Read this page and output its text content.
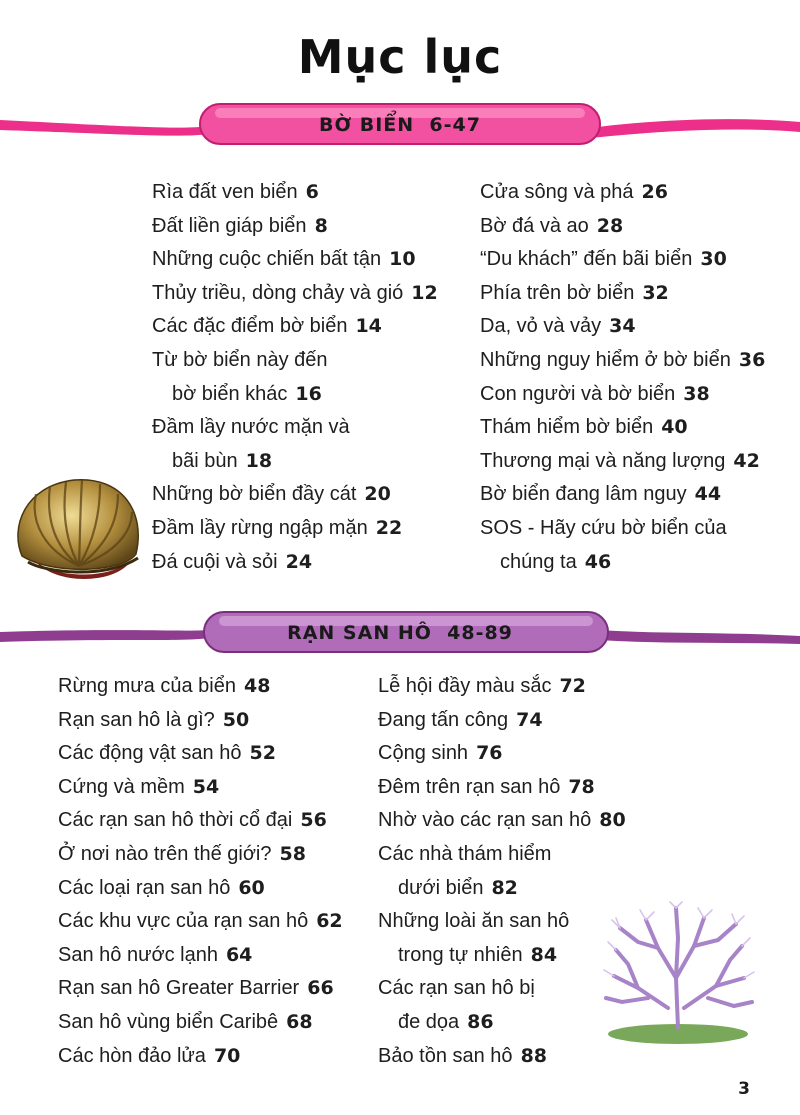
Mục lục
BỜ BIỂN 6-47
Rìa đất ven biển 6
Đất liền giáp biển 8
Những cuộc chiến bất tận 10
Thủy triều, dòng chảy và gió 12
Các đặc điểm bờ biển 14
Từ bờ biển này đến
bờ biển khác 16
Đầm lầy nước mặn và
bãi bùn 18
Những bờ biển đầy cát 20
Đầm lầy rừng ngập mặn 22
Đá cuội và sỏi 24
Cửa sông và phá 26
Bờ đá và ao 28
“Du khách” đến bãi biển 30
Phía trên bờ biển 32
Da, vỏ và vảy 34
Những nguy hiểm ở bờ biển 36
Con người và bờ biển 38
Thám hiểm bờ biển 40
Thương mại và năng lượng 42
Bờ biển đang lâm nguy 44
SOS - Hãy cứu bờ biển của
chúng ta 46
RẠN SAN HÔ 48-89
Rừng mưa của biển 48
Rạn san hô là gì? 50
Các động vật san hô 52
Cứng và mềm 54
Các rạn san hô thời cổ đại 56
Ở nơi nào trên thế giới? 58
Các loại rạn san hô 60
Các khu vực của rạn san hô 62
San hô nước lạnh 64
Rạn san hô Greater Barrier 66
San hô vùng biển Caribê 68
Các hòn đảo lửa 70
Lễ hội đầy màu sắc 72
Đang tấn công 74
Cộng sinh 76
Đêm trên rạn san hô 78
Nhờ vào các rạn san hô 80
Các nhà thám hiểm
dưới biển 82
Những loài ăn san hô
trong tự nhiên 84
Các rạn san hô bị
đe dọa 86
Bảo tồn san hô 88
3
